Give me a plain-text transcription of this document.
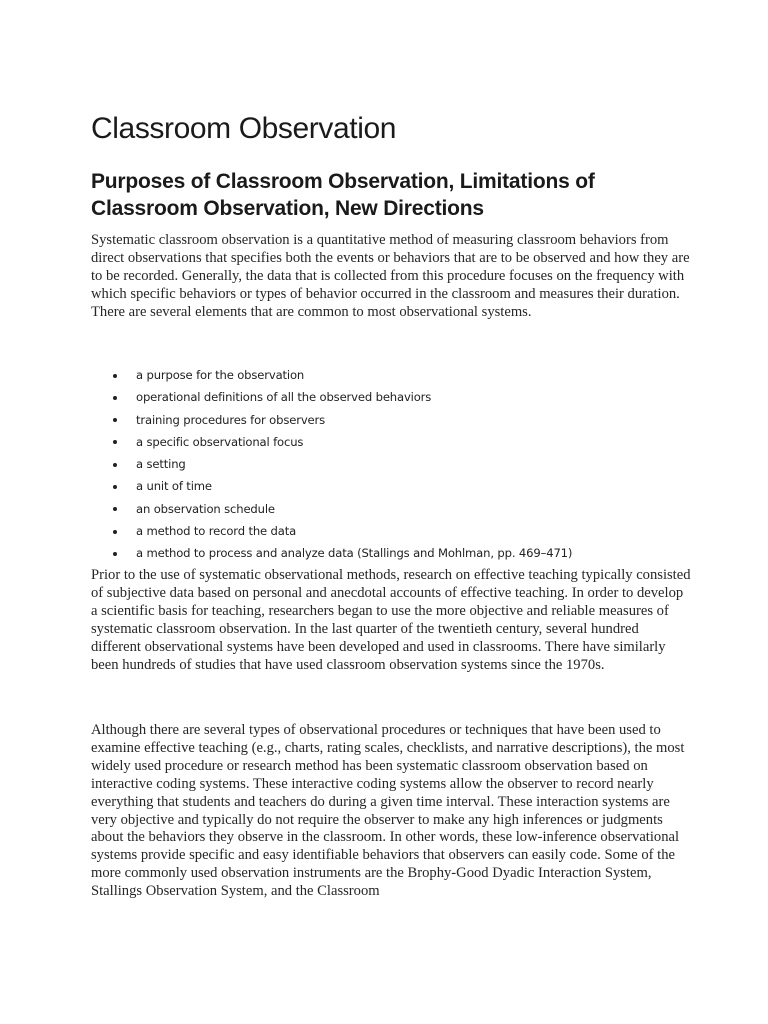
Classroom Observation
Purposes of Classroom Observation, Limitations of Classroom Observation, New Directions

Systematic classroom observation is a quantitative method of measuring classroom behaviors from direct observations that specifies both the events or behaviors that are to be observed and how they are to be recorded. Generally, the data that is collected from this procedure focuses on the frequency with which specific behaviors or types of behavior occurred in the classroom and measures their duration. There are several elements that are common to most observational systems.

a purpose for the observation
operational definitions of all the observed behaviors
training procedures for observers
a specific observational focus
a setting
a unit of time
an observation schedule
a method to record the data
a method to process and analyze data (Stallings and Mohlman, pp. 469–471)

Prior to the use of systematic observational methods, research on effective teaching typically consisted of subjective data based on personal and anecdotal accounts of effective teaching. In order to develop a scientific basis for teaching, researchers began to use the more objective and reliable measures of systematic classroom observation. In the last quarter of the twentieth century, several hundred different observational systems have been developed and used in classrooms. There have similarly been hundreds of studies that have used classroom observation systems since the 1970s.

Although there are several types of observational procedures or techniques that have been used to examine effective teaching (e.g., charts, rating scales, checklists, and narrative descriptions), the most widely used procedure or research method has been systematic classroom observation based on interactive coding systems. These interactive coding systems allow the observer to record nearly everything that students and teachers do during a given time interval. These interaction systems are very objective and typically do not require the observer to make any high inferences or judgments about the behaviors they observe in the classroom. In other words, these low-inference observational systems provide specific and easy identifiable behaviors that observers can easily code. Some of the more commonly used observation instruments are the Brophy-Good Dyadic Interaction System, Stallings Observation System, and the Classroom
